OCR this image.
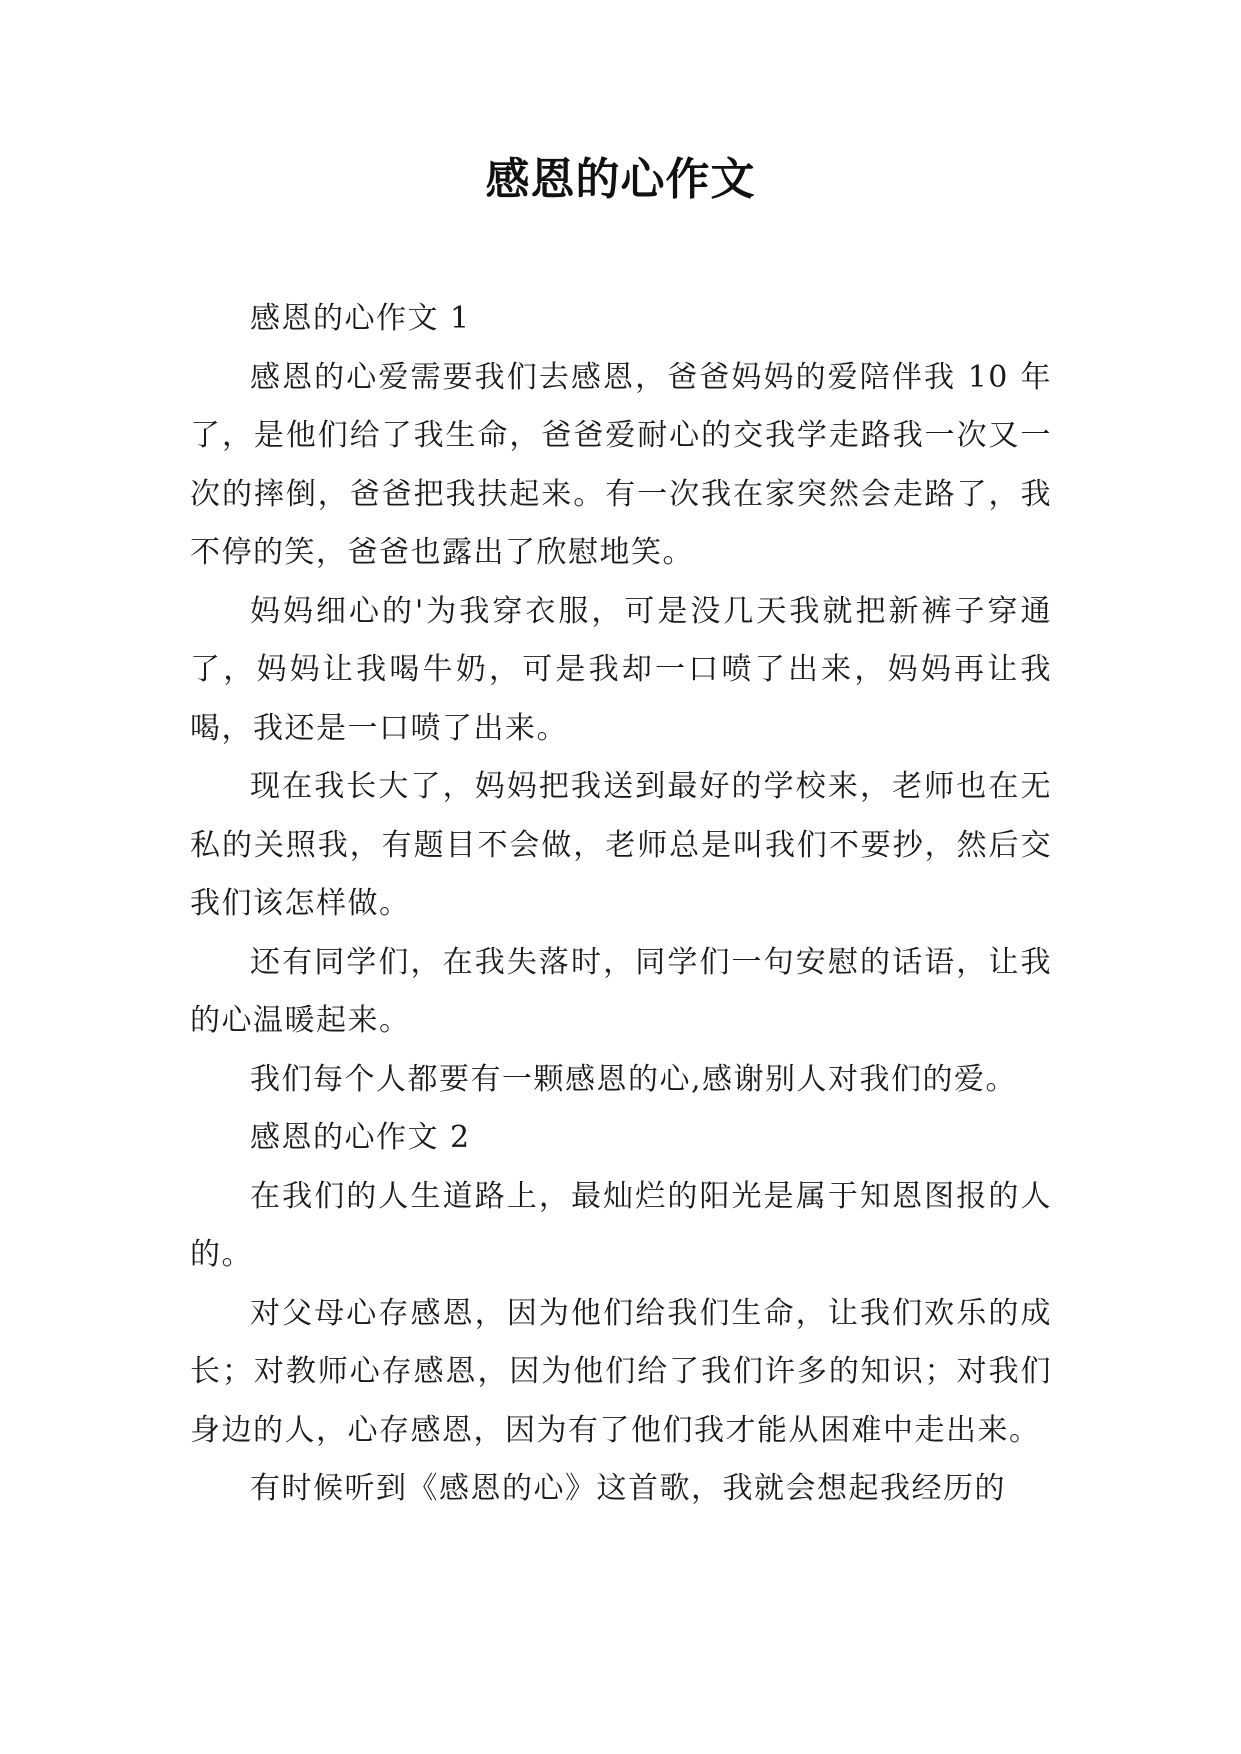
感恩的心作文

感恩的心作文 1

感恩的心爱需要我们去感恩，爸爸妈妈的爱陪伴我 10 年了，是他们给了我生命，爸爸爱耐心的交我学走路我一次又一次的摔倒，爸爸把我扶起来。有一次我在家突然会走路了，我不停的笑，爸爸也露出了欣慰地笑。

妈妈细心的'为我穿衣服，可是没几天我就把新裤子穿通了，妈妈让我喝牛奶，可是我却一口喷了出来，妈妈再让我喝，我还是一口喷了出来。

现在我长大了，妈妈把我送到最好的学校来，老师也在无私的关照我，有题目不会做，老师总是叫我们不要抄，然后交我们该怎样做。

还有同学们，在我失落时，同学们一句安慰的话语，让我的心温暖起来。

我们每个人都要有一颗感恩的心,感谢别人对我们的爱。

感恩的心作文 2

在我们的人生道路上，最灿烂的阳光是属于知恩图报的人的。

对父母心存感恩，因为他们给我们生命，让我们欢乐的成长；对教师心存感恩，因为他们给了我们许多的知识；对我们身边的人，心存感恩，因为有了他们我才能从困难中走出来。

有时候听到《感恩的心》这首歌，我就会想起我经历的
